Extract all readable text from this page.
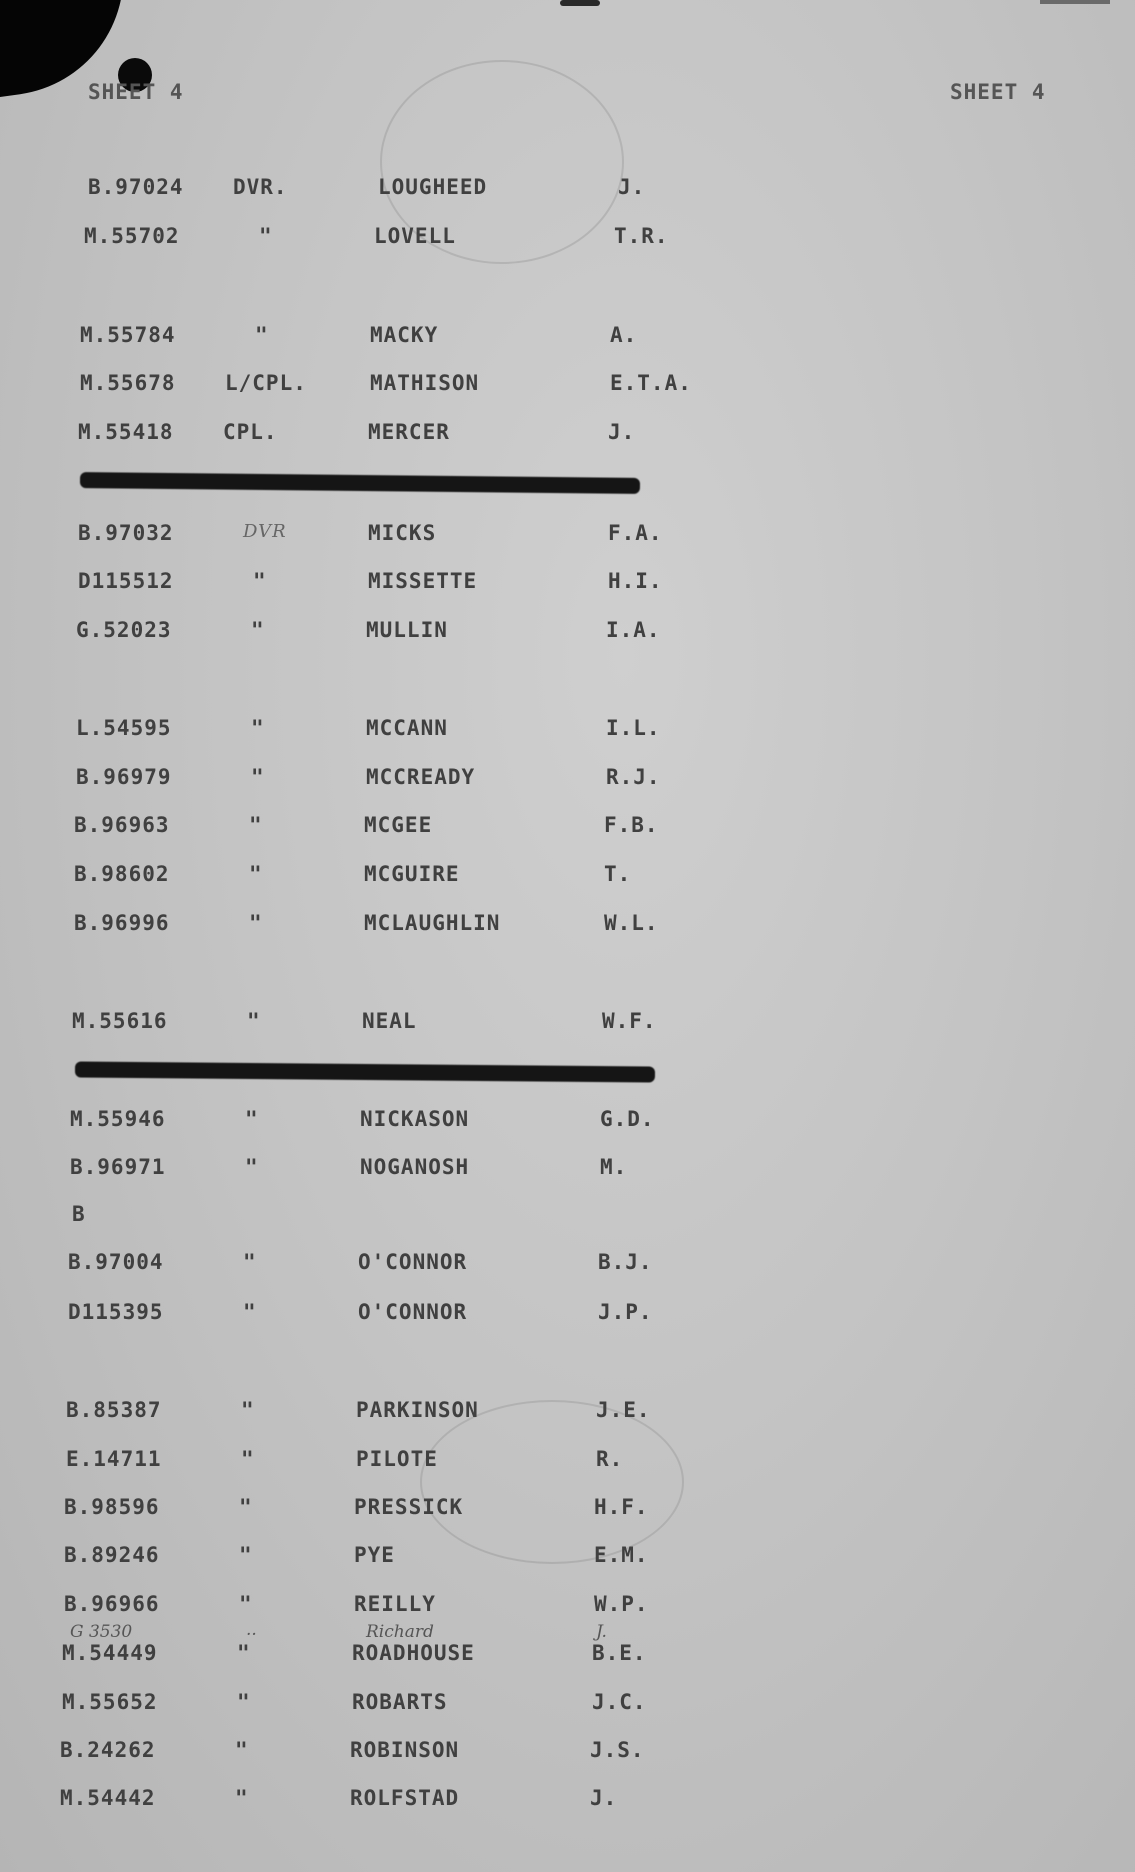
SHEET 4	SHEET 4
B.97024 DVR.	LOUGHEED	J.
M.55702	"	LOVELL	T.R.
M.55784	"	MACKY	A.
M.55678 L/CPL.	MATHISON	E.T.A.
M.55418 CPL.	MERCER	J.
B.97032	DVR	MICKS	F.A.
D115512	"	MISSETTE	H.I.
G.52023	"	MULLIN	I.A.
L.54595	"	MCCANN	I.L.
B.96979	"	MCCREADY	R.J.
B.96963	"	MCGEE	F.B.
B.98602	"	MCGUIRE	T.
B.96996	"	MCLAUGHLIN	W.L.
M.55616	"	NEAL	W.F.
M.55946	"	NICKASON	G.D.
B.96971	"	NOGANOSH	M.
B.97004	"	O'CONNOR	B.J.
D115395	"	O'CONNOR	J.P.
B.85387	"	PARKINSON	J.E.
E.14711	"	PILOTE	R.
B.98596	"	PRESSICK	H.F.
B.89246	"	PYE	E.M.
B.96966	"	REILLY	W.P.
M.54449	"	ROADHOUSE	B.E.
M.55652	"	ROBARTS	J.C.
B.24262	"	ROBINSON	J.S.
M.54442	"	ROLFSTAD	J.
B
G 3530	..	Richard	J.
